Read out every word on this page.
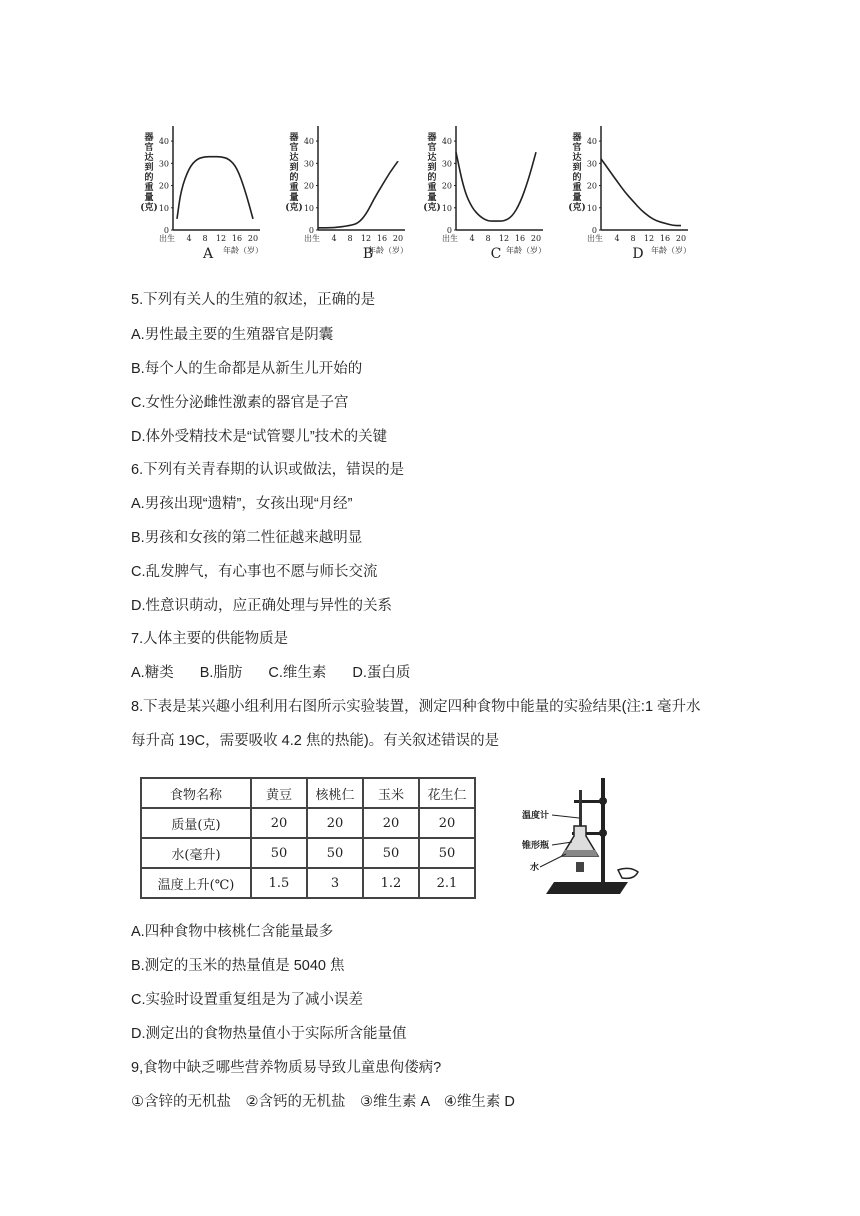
器
官
达
到
的
重
量
(克)
0
10
20
30
40
出生 4 8 12 16 20
年龄（岁）
A
器
官
达
到
的
重
量
(克)
0
10
20
30
40
出生 4 8 12 16 20
年龄（岁）
B
器
官
达
到
的
重
量
(克)
0
10
20
30
40
出生 4 8 12 16 20
年龄（岁）
C
器
官
达
到
的
重
量
(克)
0
10
20
30
40
出生 4 8 12 16 20
年龄（岁）
D
5.下列有关人的生殖的叙述，正确的是
A.男性最主要的生殖器官是阴囊
B.每个人的生命都是从新生儿开始的
C.女性分泌雌性激素的器官是子宫
D.体外受精技术是“试管婴儿”技术的关键
6.下列有关青春期的认识或做法，错误的是
A.男孩出现“遗精”，女孩出现“月经”
B.男孩和女孩的第二性征越来越明显
C.乱发脾气，有心事也不愿与师长交流
D.性意识萌动，应正确处理与异性的关系
7.人体主要的供能物质是
A.糖类 B.脂肪 C.维生素 D.蛋白质
8.下表是某兴趣小组利用右图所示实验装置，测定四种食物中能量的实验结果(注:1 毫升水
每升高 19C，需要吸收 4.2 焦的热能)。有关叙述错误的是
食物名称	黄豆	核桃仁	玉米	花生仁
质量(克)	20	20	20	20
水(毫升)	50	50	50	50
温度上升(℃)	1.5	3	1.2	2.1
温度计
锥形瓶
水
A.四种食物中核桃仁含能量最多
B.测定的玉米的热量值是 5040 焦
C.实验时设置重复组是为了减小误差
D.测定出的食物热量值小于实际所含能量值
9,食物中缺乏哪些营养物质易导致儿童患佝偻病?
①含锌的无机盐　②含钙的无机盐　③维生素 A　④维生素 D
